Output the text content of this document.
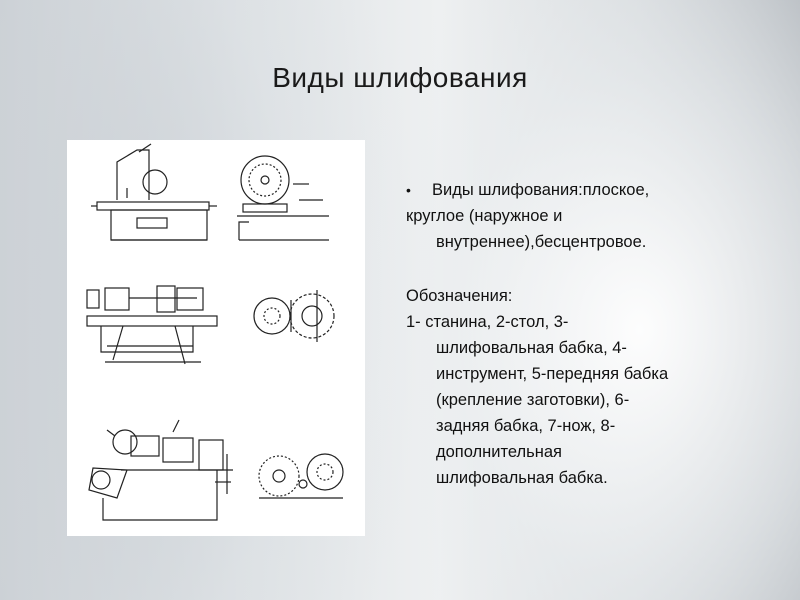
Виды шлифования
•	Виды шлифования:плоское,
круглое (наружное и
внутреннее),бесцентровое.
Обозначения:
1- станина, 2-стол, 3-
шлифовальная бабка, 4-
инструмент, 5-передняя бабка
(крепление заготовки), 6-
задняя бабка, 7-нож, 8-
дополнительная
шлифовальная бабка.
